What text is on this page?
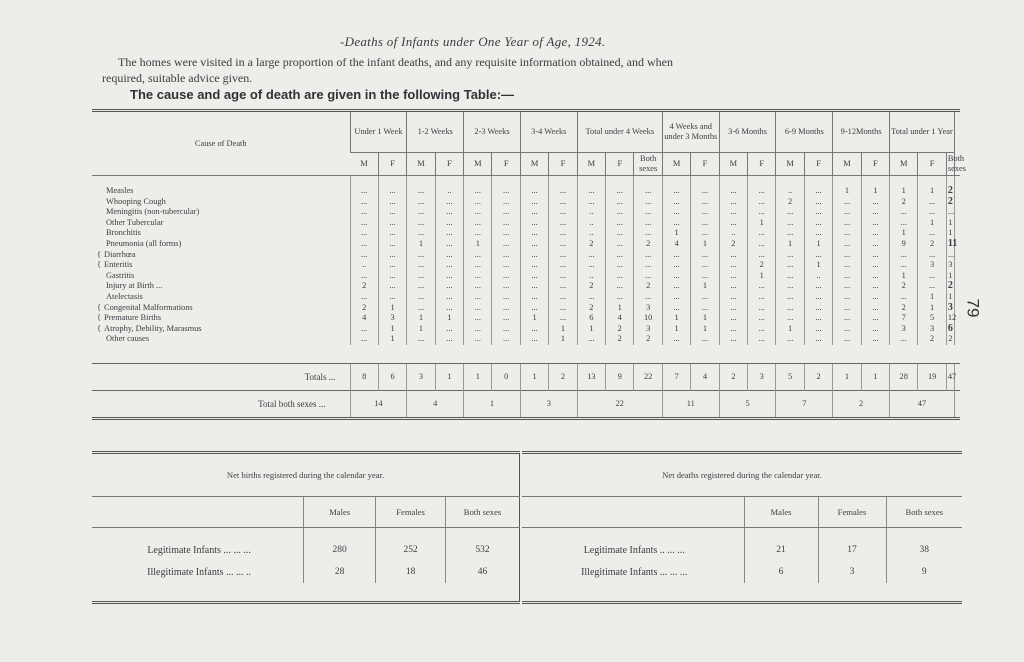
-Deaths of Infants under One Year of Age, 1924.
The homes were visited in a large proportion of the infant deaths, and any requisite information obtained, and when
required, suitable advice given.
The cause and age of death are given in the following Table:—
79
Cause of Death	Under 1 Week		1-2 Weeks		2-3 Weeks		3-4 Weeks		Total under 4 Weeks			4 Weeks and under 3 Months		3-6 Months		6-9 Months		9-12Months		Total under 1 Year			
	M	F	M	F	M	F	M	F	M	F	Both sexes	M	F	M	F	M	F	M	F	M	F	Both sexes	
Measles	...	...	...	..	...	...	...	...	...	...	...	...	...	...	...	..	...	1	1	1	1	2	
Whooping Cough	...	...	...	...	...	...	...	...	...	...	...	...	...	...	...	2	...	...	...	2	...	2	
Meningitis (non-tubercular)	...	...	...	...	...	...	...	...	..	...	...	...	...	...	...	...	...	...	...	...	...	...	
Other Tubercular	...	...	...	...	...	...	...	...	..	...	...	...	...	...	1	...	...	...	...	...	1	1	
Bronchitis	...	...	...	...	...	...	...	...	..	...	...	1	...	..	...	...	...	...	...	1	...	1	
Pneumonia (all forms)	...	...	1	...	1	...	...	...	2	...	2	4	1	2	...	1	1	...	...	9	2	11	
{ Diarrhœa	...	...	...	...	...	...	...	...	...	...	...	...	...	...	...	...	...	...	...	...	...	...	
{ Enteritis	..	...	...	...	...	...	...	...	...	...	...	...	...	...	2	...	1	...	...	...	3	3	
Gastritis	...	...	...	...	...	...	...	...	..	...	...	...	...	...	1	...	..	...	...	1	...	1	
Injury at Birth ...	2	...	...	...	...	...	...	...	2	...	2	...	1	...	...	...	...	...	...	2	...	2	
Atelectasis	...	...	...	...	...	...	...	...	...	...	...	...	...	...	...	...	...	...	...	...	1	1	
{ Congenital Malformations	2	1	...	...	...	...	...	...	2	1	3	...	...	...	...	...	...	...	...	2	1	3	
{ Premature Births	4	3	1	1	...	...	1	...	6	4	10	1	1	...	...	...	...	...	...	7	5	12	
{ Atrophy, Debility, Marasmus	...	1	1	...	...	...	...	1	1	2	3	1	1	...	...	1	...	...	...	3	3	6	
Other causes	...	1	...	...	...	...	...	1	...	2	2	...	...	...	...	...	...	...	...	...	2	2	

Totals ...	8	6	3	1	1	0	1	2	13	9	22	7	4	2	3	5	2	1	1	28	19	47	
Total both sexes ...	14		4		1		3		22			11		5		7		2		47			
Net births registered during the calendar year.			
	Males	Females	Both sexes
Legitimate Infants ... ... ...	280	252	532
Illegitimate Infants ... ... ..	28	18	46

Net deaths registered during the calendar year.			
	Males	Females	Both sexes
Legitimate Infants .. ... ...	21	17	38
Illegitimate Infants ... ... ...	6	3	9
